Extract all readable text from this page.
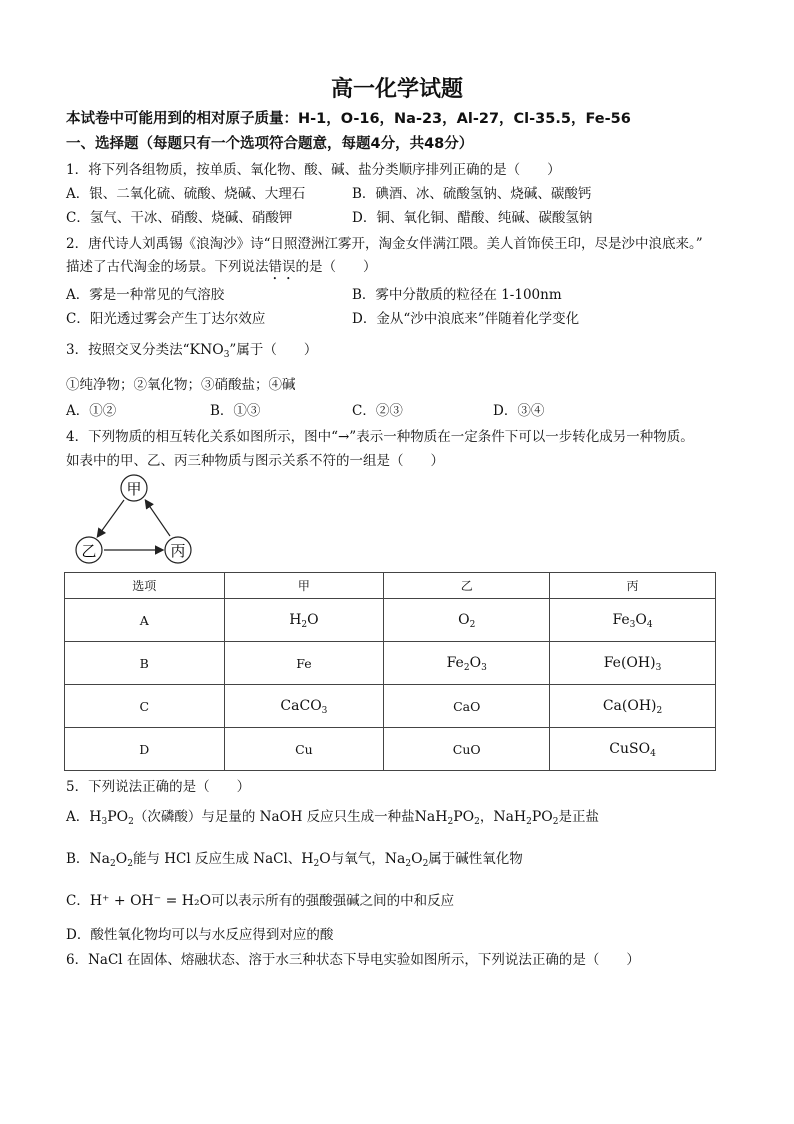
高一化学试题
本试卷中可能用到的相对原子质量：H-1，O-16，Na-23，Al-27，Cl-35.5，Fe-56
一、选择题（每题只有一个选项符合题意，每题4分，共48分）
1．将下列各组物质，按单质、氧化物、酸、碱、盐分类顺序排列正确的是（　　）
A．银、二氧化硫、硫酸、烧碱、大理石	B．碘酒、冰、硫酸氢钠、烧碱、碳酸钙
C．氢气、干冰、硝酸、烧碱、硝酸钾	D．铜、氧化铜、醋酸、纯碱、碳酸氢钠
2．唐代诗人刘禹锡《浪淘沙》诗“日照澄洲江雾开，淘金女伴满江隈。美人首饰侯王印，尽是沙中浪底来。”
描述了古代淘金的场景。下列说法错误的是（　　）
A．雾是一种常见的气溶胶	B．雾中分散质的粒径在 1-100nm
C．阳光透过雾会产生丁达尔效应	D．金从“沙中浪底来”伴随着化学变化
3．按照交叉分类法“$KNO_3$”属于（　　）
①纯净物；②氧化物；③硝酸盐；④碱
A．①②	B．①③	C．②③	D．③④
4．下列物质的相互转化关系如图所示，图中“→”表示一种物质在一定条件下可以一步转化成另一种物质。
如表中的甲、乙、丙三种物质与图示关系不符的一组是（　　）
甲
乙	丙
选项	甲	乙	丙
A	$H_2O$	$O_2$	$Fe_3O_4$
B	Fe	$Fe_2O_3$	$Fe(OH)_3$
C	CaCO$_3$	CaO	$Ca(OH)_2$
D	Cu	CuO	CuSO$_4$
5．下列说法正确的是（　　）
A．$H_3PO_2$（次磷酸）与足量的 NaOH 反应只生成一种盐$NaH_2PO_2$，$NaH_2PO_2$是正盐
B．$Na_2O_2$能与 HCl 反应生成 NaCl、$H_2O$与氧气，$Na_2O_2$属于碱性氧化物
C．H⁺ + OH⁻ = H₂O可以表示所有的强酸强碱之间的中和反应
D．酸性氧化物均可以与水反应得到对应的酸
6．NaCl 在固体、熔融状态、溶于水三种状态下导电实验如图所示，下列说法正确的是（　　）
